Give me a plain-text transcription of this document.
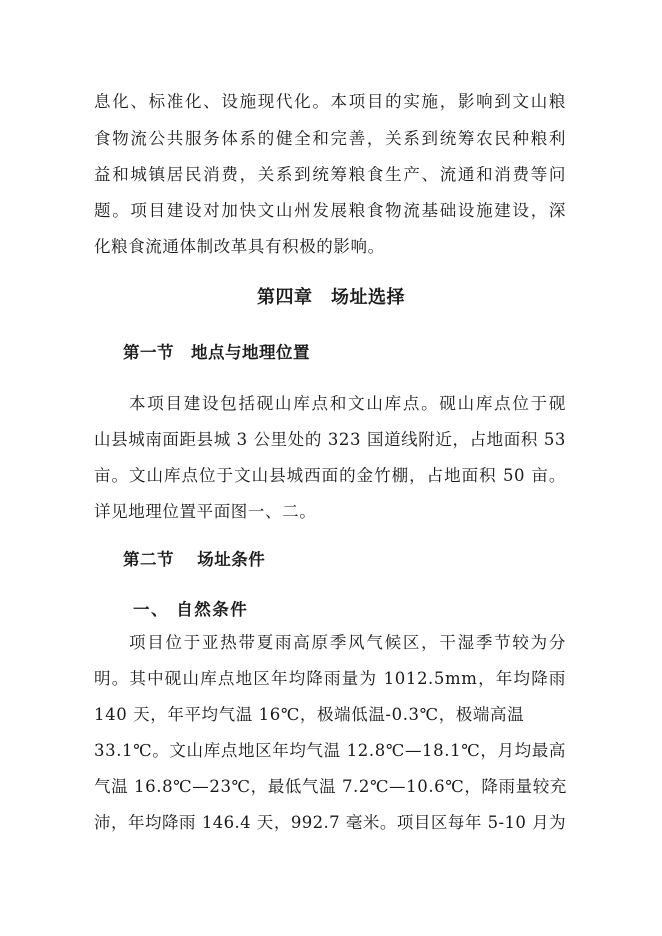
息化、标准化、设施现代化。本项目的实施，影响到文山粮
食物流公共服务体系的健全和完善，关系到统筹农民种粮利
益和城镇居民消费，关系到统筹粮食生产、流通和消费等问
题。项目建设对加快文山州发展粮食物流基础设施建设，深
化粮食流通体制改革具有积极的影响。
第四章　场址选择
第一节　地点与地理位置
本项目建设包括砚山库点和文山库点。砚山库点位于砚
山县城南面距县城 3 公里处的 323 国道线附近，占地面积 53
亩。文山库点位于文山县城西面的金竹棚，占地面积 50 亩。
详见地理位置平面图一、二。
第二节　 场址条件
一、 自然条件
项目位于亚热带夏雨高原季风气候区，干湿季节较为分
明。其中砚山库点地区年均降雨量为 1012.5mm，年均降雨
140 天，年平均气温 16℃，极端低温-0.3℃，极端高温
33.1℃。文山库点地区年均气温 12.8℃—18.1℃，月均最高
气温 16.8℃—23℃，最低气温 7.2℃—10.6℃，降雨量较充
沛，年均降雨 146.4 天，992.7 毫米。项目区每年 5-10 月为
